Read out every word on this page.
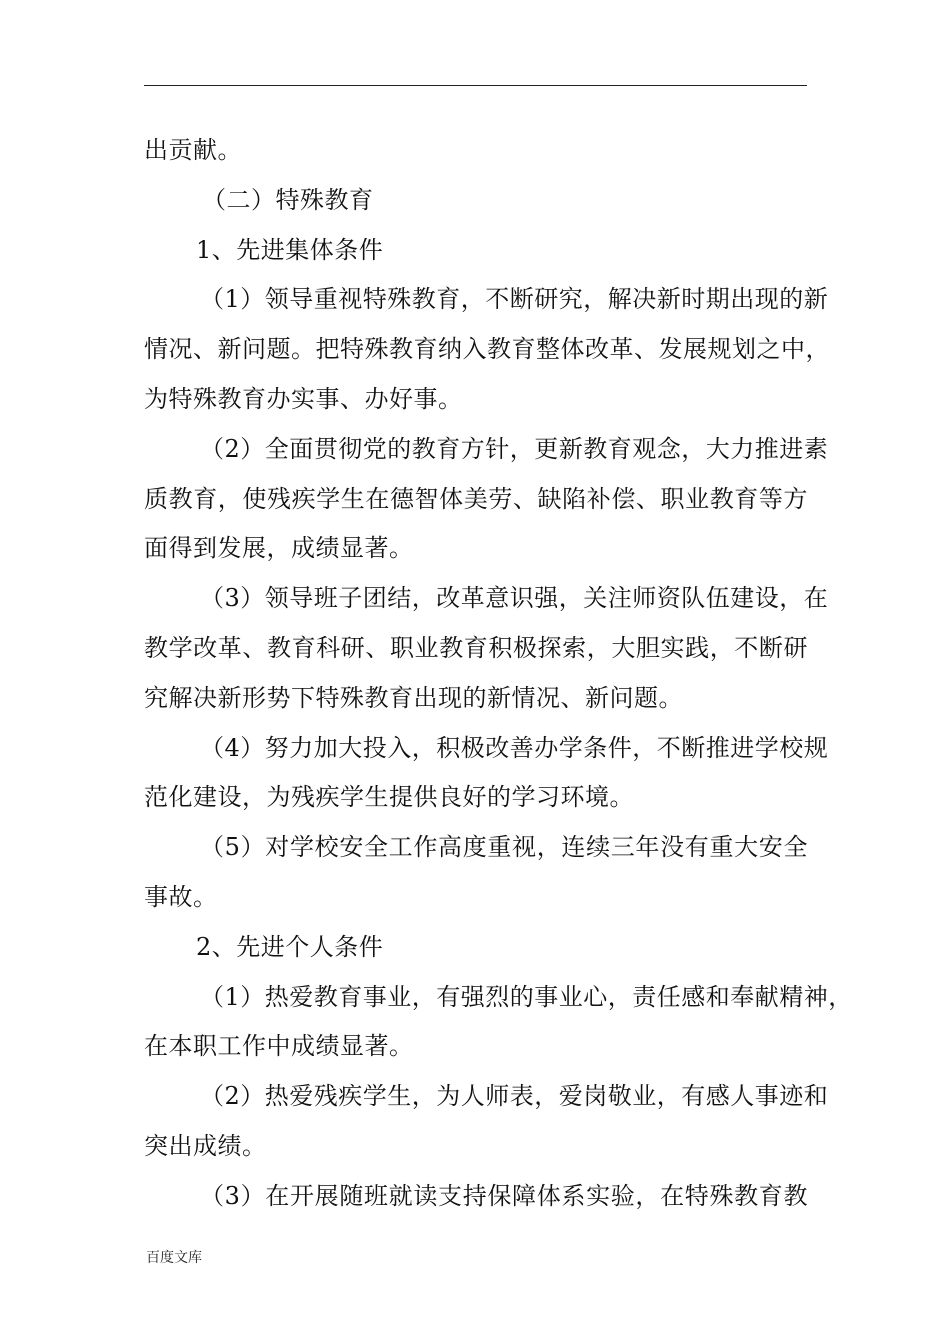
出贡献。
（二）特殊教育
1、先进集体条件
（1）领导重视特殊教育，不断研究，解决新时期出现的新
情况、新问题。把特殊教育纳入教育整体改革、发展规划之中，
为特殊教育办实事、办好事。
（2）全面贯彻党的教育方针，更新教育观念，大力推进素
质教育，使残疾学生在德智体美劳、缺陷补偿、职业教育等方
面得到发展，成绩显著。
（3）领导班子团结，改革意识强，关注师资队伍建设，在
教学改革、教育科研、职业教育积极探索，大胆实践，不断研
究解决新形势下特殊教育出现的新情况、新问题。
（4）努力加大投入，积极改善办学条件，不断推进学校规
范化建设，为残疾学生提供良好的学习环境。
（5）对学校安全工作高度重视，连续三年没有重大安全
事故。
2、先进个人条件
（1）热爱教育事业，有强烈的事业心，责任感和奉献精神，
在本职工作中成绩显著。
（2）热爱残疾学生，为人师表，爱岗敬业，有感人事迹和
突出成绩。
（3）在开展随班就读支持保障体系实验，在特殊教育教
百度文库
